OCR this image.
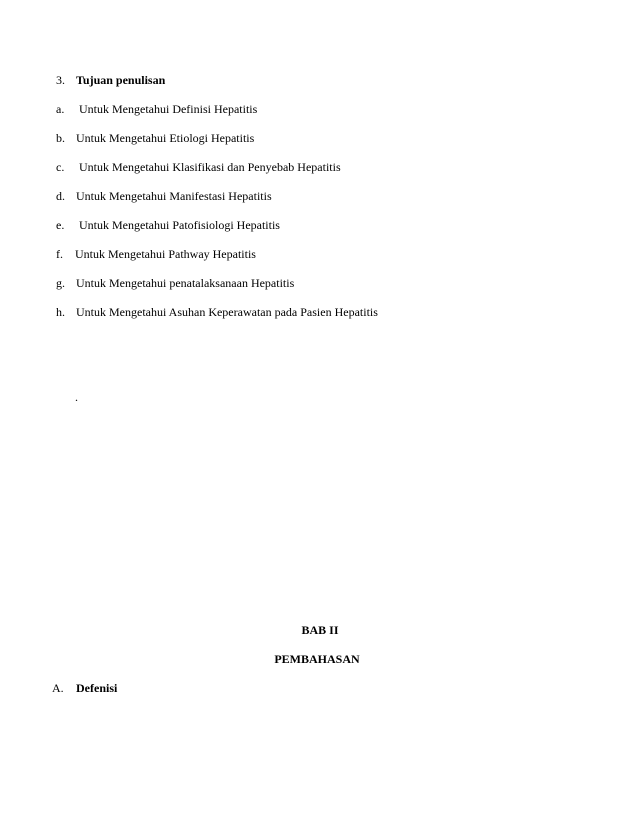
3. Tujuan penulisan
a. Untuk Mengetahui Definisi Hepatitis
b. Untuk Mengetahui Etiologi Hepatitis
c. Untuk Mengetahui Klasifikasi dan Penyebab Hepatitis
d. Untuk Mengetahui Manifestasi Hepatitis
e. Untuk Mengetahui Patofisiologi Hepatitis
f. Untuk Mengetahui Pathway Hepatitis
g. Untuk Mengetahui penatalaksanaan Hepatitis
h. Untuk Mengetahui Asuhan Keperawatan pada Pasien Hepatitis
.
BAB II
PEMBAHASAN
A. Defenisi
